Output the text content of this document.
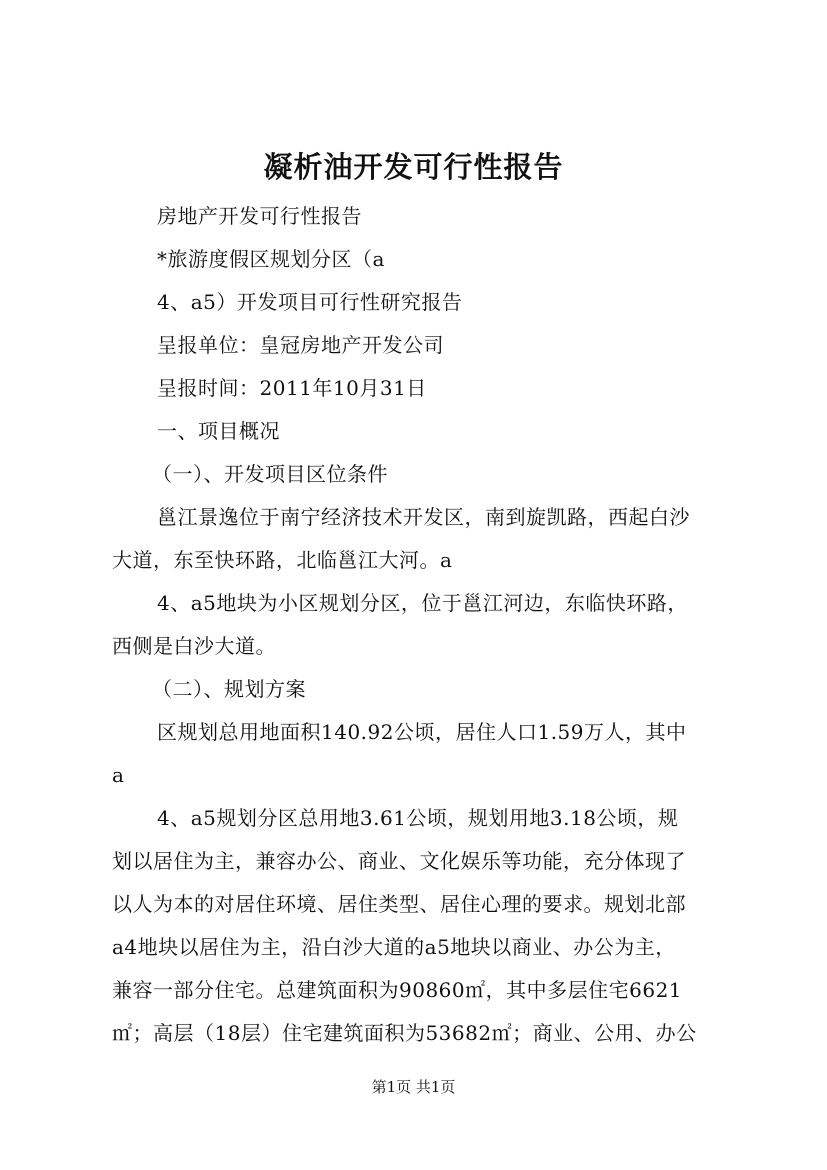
凝析油开发可行性报告
房地产开发可行性报告
*旅游度假区规划分区（a
4、a5）开发项目可行性研究报告
呈报单位：皇冠房地产开发公司
呈报时间：2011年10月31日
一、项目概况
（一）、开发项目区位条件
邕江景逸位于南宁经济技术开发区，南到旋凯路，西起白沙
大道，东至快环路，北临邕江大河。a
4、a5地块为小区规划分区，位于邕江河边，东临快环路，
西侧是白沙大道。
（二）、规划方案
区规划总用地面积140.92公顷，居住人口1.59万人，其中
a
4、a5规划分区总用地3.61公顷，规划用地3.18公顷，规
划以居住为主，兼容办公、商业、文化娱乐等功能，充分体现了
以人为本的对居住环境、居住类型、居住心理的要求。规划北部
a4地块以居住为主，沿白沙大道的a5地块以商业、办公为主，
兼容一部分住宅。总建筑面积为90860㎡，其中多层住宅6621
㎡；高层（18层）住宅建筑面积为53682㎡；商业、公用、办公
第1页 共1页
